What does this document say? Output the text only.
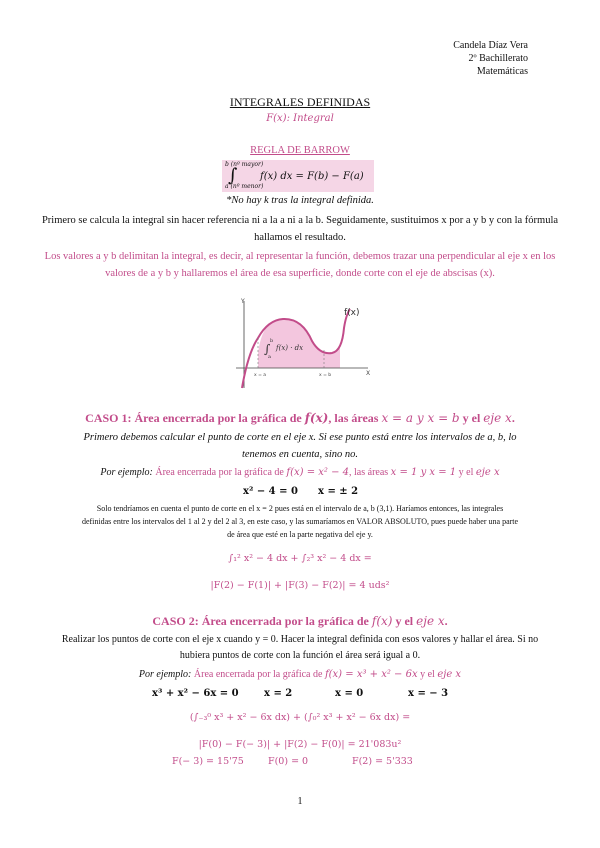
Candela Díaz Vera
2º Bachillerato
Matemáticas
INTEGRALES DEFINIDAS
F(x): Integral
REGLA DE BARROW
b (nº mayor)
∫
a (nº menor)
f(x) dx = F(b) − F(a)
*No hay k tras la integral definida.
Primero se calcula la integral sin hacer referencia ni a la a ni a la b. Seguidamente, sustituimos x por a y b y con la fórmula hallamos el resultado.
Los valores a y b delimitan la integral, es decir, al representar la función, debemos trazar una perpendicular al eje x en los valores de a y b y hallaremos el área de esa superficie, donde corte con el eje de abscisas (x).
Y
X
f(x)
b
∫
a
f(x) · dx
x = a	x = b
CASO 1: Área encerrada por la gráfica de f(x), las áreas x = a y x = b y el eje x.
Primero debemos calcular el punto de corte en el eje x. Si ese punto está entre los intervalos de a, b, lo
tenemos en cuenta, sino no.
Por ejemplo: Área encerrada por la gráfica de f(x) = x² − 4, las áreas x = 1 y x = 1 y el eje x
x² − 4 = 0 x = ± 2
Solo tendríamos en cuenta el punto de corte en el x = 2 pues está en el intervalo de a, b (3,1). Haríamos entonces, las integrales
definidas entre los intervalos del 1 al 2 y del 2 al 3, en este caso, y las sumaríamos en VALOR ABSOLUTO, pues puede haber una parte
de área que esté en la parte negativa del eje y.
∫₁² x² − 4 dx + ∫₂³ x² − 4 dx =
|F(2) − F(1)| + |F(3) − F(2)| = 4 uds²
CASO 2: Área encerrada por la gráfica de f(x) y el eje x.
Realizar los puntos de corte con el eje x cuando y = 0. Hacer la integral definida con esos valores y hallar el área. Si no
hubiera puntos de corte con la función el área será igual a 0.
Por ejemplo: Área encerrada por la gráfica de f(x) = x³ + x² − 6x y el eje x
x³ + x² − 6x = 0	x = 2	x = 0	x = − 3
(∫₋₃⁰ x³ + x² − 6x dx) + (∫₀² x³ + x² − 6x dx) =
|F(0) − F(− 3)| + |F(2) − F(0)| = 21'083u²
F(− 3) = 15'75	F(0) = 0	F(2) = 5'333
1
